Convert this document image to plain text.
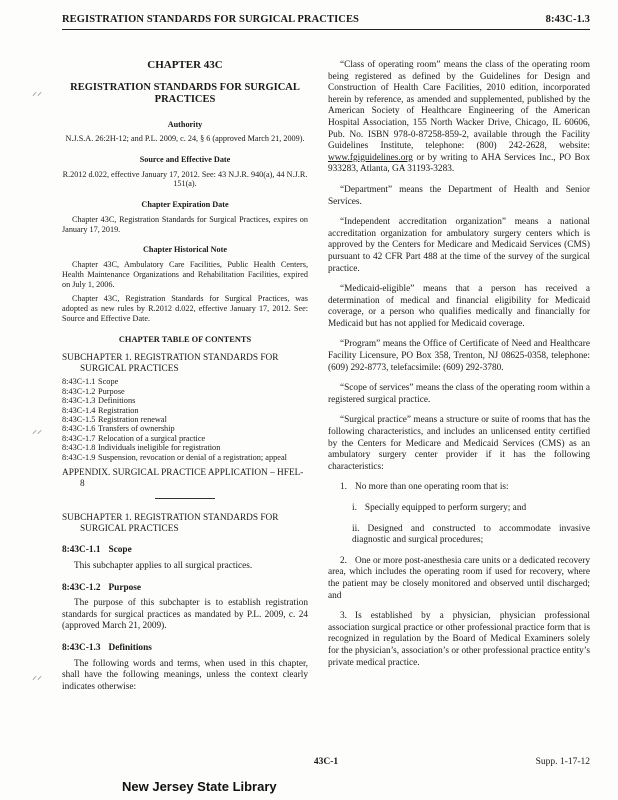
REGISTRATION STANDARDS FOR SURGICAL PRACTICES	8:43C-1.3
⸝⸝
⸝⸝
⸝⸝
CHAPTER 43C
REGISTRATION STANDARDS FOR SURGICAL PRACTICES
Authority
N.J.S.A. 26:2H-12; and P.L. 2009, c. 24, § 6 (approved March 21, 2009).
Source and Effective Date
R.2012 d.022, effective January 17, 2012. See: 43 N.J.R. 940(a), 44 N.J.R. 151(a).
Chapter Expiration Date
Chapter 43C, Registration Standards for Surgical Practices, expires on January 17, 2019.
Chapter Historical Note
Chapter 43C, Ambulatory Care Facilities, Public Health Centers, Health Maintenance Organizations and Rehabilitation Facilities, expired on July 1, 2006.
Chapter 43C, Registration Standards for Surgical Practices, was adopted as new rules by R.2012 d.022, effective January 17, 2012. See: Source and Effective Date.
CHAPTER TABLE OF CONTENTS
SUBCHAPTER 1. REGISTRATION STANDARDS FOR SURGICAL PRACTICES
8:43C-1.1 Scope
8:43C-1.2 Purpose
8:43C-1.3 Definitions
8:43C-1.4 Registration
8:43C-1.5 Registration renewal
8:43C-1.6 Transfers of ownership
8:43C-1.7 Relocation of a surgical practice
8:43C-1.8 Individuals ineligible for registration
8:43C-1.9 Suspension, revocation or denial of a registration; appeal
APPENDIX. SURGICAL PRACTICE APPLICATION – HFEL-8
SUBCHAPTER 1. REGISTRATION STANDARDS FOR SURGICAL PRACTICES
8:43C-1.1 Scope

This subchapter applies to all surgical practices.

8:43C-1.2 Purpose

The purpose of this subchapter is to establish registration standards for surgical practices as mandated by P.L. 2009, c. 24 (approved March 21, 2009).

8:43C-1.3 Definitions

The following words and terms, when used in this chapter, shall have the following meanings, unless the context clearly indicates otherwise:

“Class of operating room” means the class of the operating room being registered as defined by the Guidelines for Design and Construction of Health Care Facilities, 2010 edition, incorporated herein by reference, as amended and supplemented, published by the American Society of Healthcare Engineering of the American Hospital Association, 155 North Wacker Drive, Chicago, IL 60606, Pub. No. ISBN 978-0-87258-859-2, available through the Facility Guidelines Institute, telephone: (800) 242-2628, website: www.fgiguidelines.org or by writing to AHA Services Inc., PO Box 933283, Atlanta, GA 31193-3283.

“Department” means the Department of Health and Senior Services.

“Independent accreditation organization” means a national accreditation organization for ambulatory surgery centers which is approved by the Centers for Medicare and Medicaid Services (CMS) pursuant to 42 CFR Part 488 at the time of the survey of the surgical practice.

“Medicaid-eligible” means that a person has received a determination of medical and financial eligibility for Medicaid coverage, or a person who qualifies medically and financially for Medicaid but has not applied for Medicaid coverage.

“Program” means the Office of Certificate of Need and Healthcare Facility Licensure, PO Box 358, Trenton, NJ 08625-0358, telephone: (609) 292-8773, telefacsimile: (609) 292-3780.

“Scope of services” means the class of the operating room within a registered surgical practice.

“Surgical practice” means a structure or suite of rooms that has the following characteristics, and includes an unlicensed entity certified by the Centers for Medicare and Medicaid Services (CMS) as an ambulatory surgery center provider if it has the following characteristics:

1. No more than one operating room that is:

i. Specially equipped to perform surgery; and

ii. Designed and constructed to accommodate invasive diagnostic and surgical procedures;

2. One or more post-anesthesia care units or a dedicated recovery area, which includes the operating room if used for recovery, where the patient may be closely monitored and observed until discharged; and

3. Is established by a physician, physician professional association surgical practice or other professional practice form that is recognized in regulation by the Board of Medical Examiners solely for the physician’s, association’s or other professional practice entity’s private medical practice.

43C-1	Supp. 1-17-12
New Jersey State Library
